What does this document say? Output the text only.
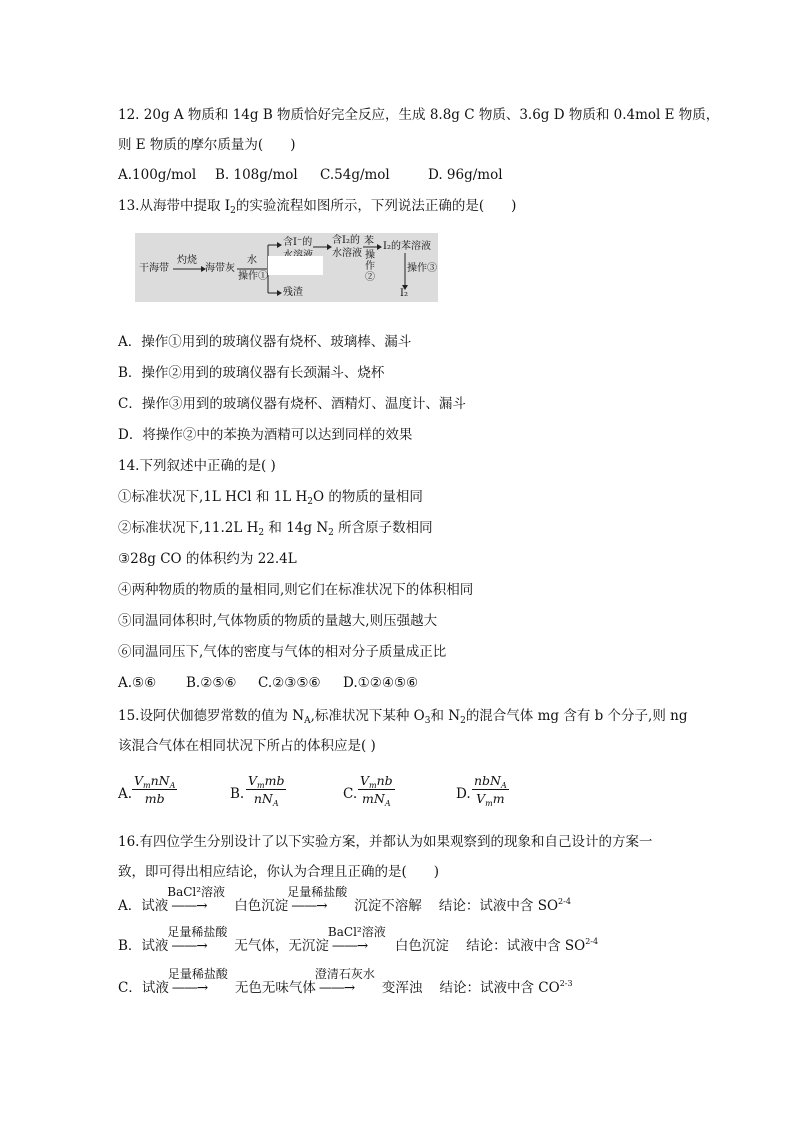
12. 20g A 物质和 14g B 物质恰好完全反应，生成 8.8g C 物质、3.6g D 物质和 0.4mol E 物质，
则 E 物质的摩尔质量为(　　)
A.100g/mol B. 108g/mol C.54g/mol	D. 96g/mol
13.从海带中提取 $I_2$的实验流程如图所示，下列说法正确的是(　　)
干海带
灼烧
海带灰
水
操作①
含I⁻的 含I₂的
水溶液
苯
操作②
I₂的苯溶液
操作③
I₂
残渣
A．操作①用到的玻璃仪器有烧杯、玻璃棒、漏斗
B．操作②用到的玻璃仪器有长颈漏斗、烧杯
C．操作③用到的玻璃仪器有烧杯、酒精灯、温度计、漏斗
D．将操作②中的苯换为酒精可以达到同样的效果
14.下列叙述中正确的是( )
①标准状况下,1L HCl 和 1L $H_2O$ 的物质的量相同
②标准状况下,11.2L $H_2$ 和 14g $N_2$ 所含原子数相同
③28g CO 的体积约为 22.4L
④两种物质的物质的量相同,则它们在标准状况下的体积相同
⑤同温同体积时,气体物质的物质的量越大,则压强越大
⑥同温同压下,气体的密度与气体的相对分子质量成正比
A.⑤⑥ B.②⑤⑥ C.②③⑤⑥ D.①②④⑤⑥
15.设阿伏伽德罗常数的值为 $N_A$,标准状况下某种 $O_3$和 $N_2$的混合气体 mg 含有 b 个分子,则 ng
该混合气体在相同状况下所占的体积应是( )
A.
$V_mnN_A$
mb	B.
$V_mmb$
$nN_A$
C.
$V_mnb$
$mN_A$
D.
nbN$_A$
$V_mm$
16.有四位学生分别设计了以下实验方案，并都认为如果观察到的现象和自己设计的方案一
致，即可得出相应结论，你认为合理且正确的是(　　)
A．试液
BaCl²溶液
——→	白色沉淀
足量稀盐酸
——→	沉淀不溶解 结论：试液中含 $SO^{2‑4}$
B．试液
足量稀盐酸
——→	无气体，无沉淀
BaCl²溶液
——→	白色沉淀 结论：试液中含 $SO^{2‑4}$
C．试液
足量稀盐酸
——→	无色无味气体
澄清石灰水
——→	变浑浊 结论：试液中含 $CO^{2‑3}$
